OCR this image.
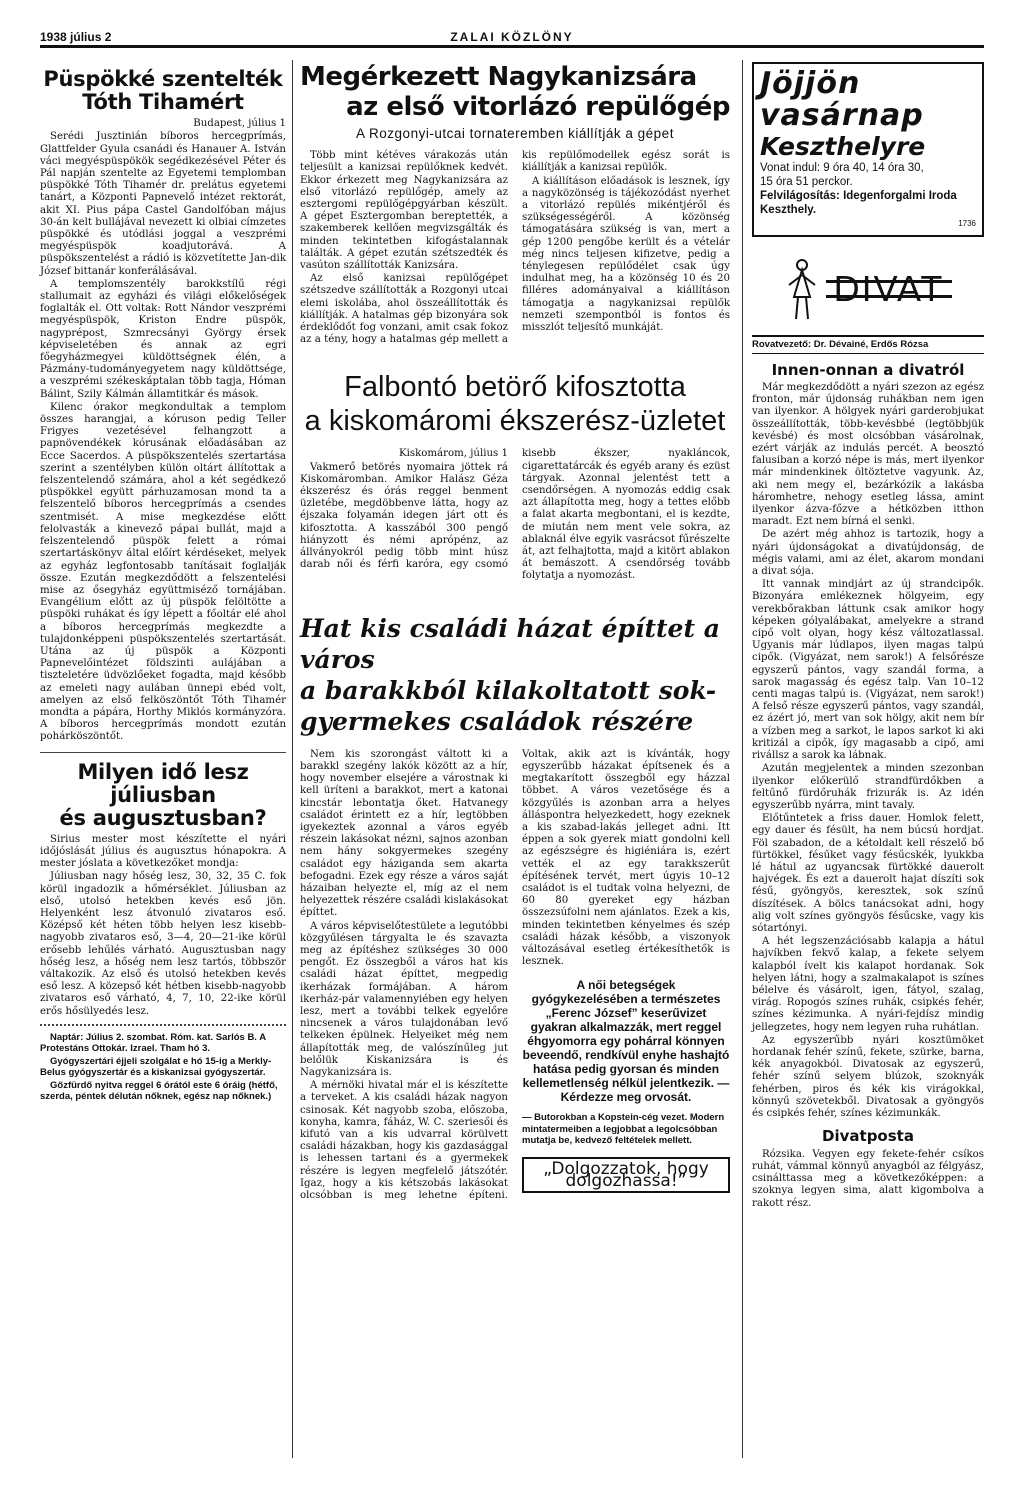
1938 július 2	ZALAI KÖZLÖNY
Püspökké szentelték
Tóth Tihamért
Budapest, július 1

Serédi Jusztinián bíboros hercegprímás, Glattfelder Gyula csanádi és Hanauer A. István váci megyéspüspökök segédkezésével Péter és Pál napján szentelte az Egyetemi templomban püspökké Tóth Tihamér dr. prelátus egyetemi tanárt, a Központi Papnevelő intézet rektorát, akit XI. Pius pápa Castel Gandolfóban május 30-án kelt bullájával nevezett ki olbiai címzetes püspökké és utódlási joggal a veszprémi megyéspüspök koadjutorává. A püspökszentelést a rádió is közvetítette Jan-dik József bittanár konferálásával.

A templomszentély barokkstílű régi stallumait az egyházi és világi előkelőségek foglalták el. Ott voltak: Rott Nándor veszprémi megyéspüspök, Kriston Endre püspök, nagyprépost, Szmrecsányi György érsek képviseletében és annak az egri főegyházmegyei küldöttségnek élén, a Pázmány-tudományegyetem nagy küldöttsége, a veszprémi székeskáptalan több tagja, Hóman Bálint, Szily Kálmán államtitkár és mások.

Kilenc órakor megkondultak a templom összes harangjai, a kóruson pedig Teller Frigyes vezetésével felhangzott a papnövendékek kórusának előadásában az Ecce Sacerdos. A püspökszentelés szertartása szerint a szentélyben külön oltárt állítottak a felszentelendő számára, ahol a két segédkező püspökkel együtt párhuzamosan mond ta a felszentelő bíboros hercegprímás a csendes szentmisét. A mise megkezdése előtt felolvasták a kinevező pápai bullát, majd a felszentelendő püspök felett a római szertartáskönyv által előírt kérdéseket, melyek az egyház legfontosabb tanításait foglalják össze. Ezután megkezdődött a felszentelési mise az ősegyház együttmiséző tornájában. Evangélium előtt az új püspök felöltötte a püspöki ruhákat és így lépett a főoltár elé ahol a bíboros hercegprímás megkezdte a tulajdonképpeni püspökszentelés szertartását. Utána az új püspök a Központi Papnevelőintézet földszinti aulájában a tiszteletére üdvözlőeket fogadta, majd később az emeleti nagy aulában ünnepi ebéd volt, amelyen az első felköszöntőt Tóth Tihamér mondta a pápára, Horthy Miklós kormányzóra. A bíboros hercegprímás mondott ezután pohárköszöntőt.

Milyen idő lesz júliusban
és augusztusban?

Sirius mester most készítette el nyári időjóslását július és augusztus hónapokra. A mester jóslata a következőket mondja:

Júliusban nagy hőség lesz, 30, 32, 35 C. fok körül ingadozik a hőmérséklet. Júliusban az első, utolsó hetekben kevés eső jön. Helyenként lesz átvonuló zivataros eső. Középső két héten több helyen lesz kisebb-nagyobb zivataros eső, 3—4, 20—21-ike körül erősebb lehűlés várható. Augusztusban nagy hőség lesz, a hőség nem lesz tartós, többször váltakozik. Az első és utolsó hetekben kevés eső lesz. A közepső két hétben kisebb-nagyobb zivataros eső várható, 4, 7, 10, 22-ike körül erős hősülyedés lesz.

Naptár: Július 2. szombat. Róm. kat. Sarlós B. A Protestáns Ottokár. Izrael. Tham hó 3.

Gyógyszertári éjjeli szolgálat e hó 15-ig a Merkly-Belus gyógyszertár és a kiskanizsai gyógyszertár.

Gőzfürdő nyitva reggel 6 órától este 6 óráig (hétfő, szerda, péntek délután nőknek, egész nap nőknek.)

Megérkezett Nagykanizsára
az első vitorlázó repülőgép
A Rozgonyi-utcai tornateremben kiállítják a gépet

Több mint kétéves várakozás után teljesült a kanizsai repülőknek kedvét. Ekkor érkezett meg Nagykanizsára az első vitorlázó repülőgép, amely az esztergomi repülőgépgyárban készült. A gépet Esztergomban bereptették, a szakemberek kellően megvizsgálták és minden tekintetben kifogástalannak találták. A gépet ezután szétszedték és vasúton szállították Kanizsára.

Az első kanizsai repülőgépet szétszedve szállították a Rozgonyi utcai elemi iskolába, ahol összeállították és kiállítják. A hatalmas gép bizonyára sok érdeklődőt fog vonzani, amit csak fokoz az a tény, hogy a hatalmas gép mellett a kis repülőmodellek egész sorát is kiállítják a kanizsai repülők.

A kiállításon előadások is lesznek, így a nagyközönség is tájékozódást nyerhet a vitorlázó repülés mikéntjéről és szükségességéről. A közönség támogatására szükség is van, mert a gép 1200 pengőbe került és a vételár még nincs teljesen kifizetve, pedig a ténylegesen repülődélet csak úgy indulhat meg, ha a közönség 10 és 20 filléres adományaival a kiállításon támogatja a nagykanizsai repülők nemzeti szempontból is fontos és misszlót teljesítő munkáját.

Falbontó betörő kifosztotta
a kiskomáromi ékszerész-üzletet
Kiskomárom, július 1

Vakmerő betörés nyomaira jöttek rá Kiskomáromban. Amikor Halász Géza ékszerész és órás reggel benment üzletébe, megdöbbenve látta, hogy az éjszaka folyamán idegen járt ott és kifosztotta. A kasszából 300 pengő hiányzott és némi aprópénz, az állványokról pedig több mint húsz darab női és férfi karóra, egy csomó kisebb ékszer, nyakláncok, cigarettatárcák és egyéb arany és ezüst tárgyak. Azonnal jelentést tett a csendőrségen. A nyomozás eddig csak azt állapította meg, hogy a tettes előbb a falat akarta megbontani, el is kezdte, de miután nem ment vele sokra, az ablaknál élve egyik vasrácsot fűrészelte át, azt felhajtotta, majd a kitört ablakon át bemászott. A csendőrség tovább folytatja a nyomozást.

Hat kis családi házat építtet a város
a barakkból kilakoltatott sok-
gyermekes családok részére

Nem kis szorongást váltott ki a barakkl szegény lakók között az a hír, hogy november elsejére a várostnak ki kell üríteni a barakkot, mert a katonai kincstár lebontatja őket. Hatvanegy családot érintett ez a hír, legtöbben igyekeztek azonnal a város egyéb részein lakásokat nézni, sajnos azonban nem hány sokgyermekes szegény családot egy háziganda sem akarta befogadni. Ezek egy része a város saját házaiban helyezte el, míg az el nem helyezettek részére családi kislakásokat építtet.

A város képviselőtestülete a legutóbbi közgyűlésen tárgyalta le és szavazta meg az építéshez szükséges 30 000 pengőt. Ez összegből a város hat kis családi házat építtet, megpedig ikerházak formájában. A három ikerház-pár valamennyiében egy helyen lesz, mert a további telkek egyelőre nincsenek a város tulajdonában levő telkeken épülnek. Helyeiket még nem állapították meg, de valószínűleg jut belőlük Kiskanizsára is és Nagykanizsára is.

A mérnöki hivatal már el is készítette a terveket. A kis családi házak nagyon csinosak. Két nagyobb szoba, előszoba, konyha, kamra, fáház, W. C. szeriesői és kifutó van a kis udvarral körülvett családi házakban, hogy kis gazdasággal is lehessen tartani és a gyermekek részére is legyen megfelelő játszótér. Igaz, hogy a kis kétszobás lakásokat olcsóbban is meg lehetne építeni. Voltak, akik azt is kívánták, hogy egyszerűbb házakat építsenek és a megtakarított összegből egy házzal többet. A város vezetősége és a közgyűlés is azonban arra a helyes álláspontra helyezkedett, hogy ezeknek a kis szabad-lakás jelleget adni. Itt éppen a sok gyerek miatt gondolni kell az egészségre és higiéniára is, ezért vették el az egy tarakkszerűt építésének tervét, mert úgyis 10–12 családot is el tudtak volna helyezni, de 60 80 gyereket egy házban összezsúfolni nem ajánlatos. Ezek a kis, minden tekintetben kényelmes és szép családi házak később, a viszonyok változásával esetleg értékesíthetők is lesznek.

A női betegségek gyógykezelésében a természetes „Ferenc József” keserűvizet gyakran alkalmazzák, mert reggel éhgyomorra egy pohárral könnyen beveendő, rendkívül enyhe hashajtó hatása pedig gyorsan és minden kellemetlenség nélkül jelentkezik. — Kérdezze meg orvosát.
— Butorokban a Kopstein-cég vezet. Modern mintatermeiben a legjobbat a legolcsóbban mutatja be, kedvező feltételek mellett.
„Dolgozzatok, hogy dolgozhassa!”
Jöjjön
vasárnap
Keszthelyre
Vonat indul: 9 óra 40, 14 óra 30,
15 óra 51 perckor.
Felvilágosítás: Idegenforgalmi Iroda Keszthely.
1736
DIVAT
Rovatvezető: Dr. Dévainé, Erdős Rózsa
Innen-onnan a divatról

Már megkezdődött a nyári szezon az egész fronton, már újdonság ruhákban nem igen van ilyenkor. A hölgyek nyári garderobjukat összeállították, több-kevésbbé (legtöbbjük kevésbé) és most olcsóbban vásárolnak, ezért várják az indulás percét. A beosztó falusiban a korzó népe is más, mert ilyenkor már mindenkinek öltöztetve vagyunk. Az, aki nem megy el, bezárkózik a lakásba háromhetre, nehogy esetleg lássa, amint ilyenkor ázva-főzve a hétközben itthon maradt. Ezt nem bírná el senki.

De azért még ahhoz is tartozik, hogy a nyári újdonságokat a divatújdonság, de mégis valami, ami az élet, akarom mondani a divat sója.

Itt vannak mindjárt az új strandcipők. Bizonyára emlékeznek hölgyeim, egy verekbőrakban láttunk csak amikor hogy képeken gólyalábakat, amelyekre a strand cipő volt olyan, hogy kész változatlassal. Ugyanis már lúdlapos, ilyen magas talpú cipők. (Vigyázat, nem sarok!) A felsőrésze egyszerű pántos, vagy szandál forma, a sarok magasság és egész talp. Van 10–12 centi magas talpú is. (Vigyázat, nem sarok!) A felső része egyszerű pántos, vagy szandál, ez ázért jó, mert van sok hölgy, akit nem bír a vízben meg a sarkot, le lapos sarkot ki aki kritizál a cipők, így magasabb a cipő, ami rivállsz a sarok ka lábnak.

Azután megjelentek a minden szezonban ilyenkor előkerülő strandfürdőkben a feltűnő fürdőruhák frizurák is. Az idén egyszerűbb nyárra, mint tavaly.

Előtűntetek a friss dauer. Homlok felett, egy dauer és fésült, ha nem búcsú hordjat. Föl szabadon, de a kétoldalt kell részelő bő fürtökkel, fésűket vagy fésűcskék, lyukkba lé hátul az ugyancsak fürtökké dauerolt hajvégek. És ezt a dauerolt hajat díszíti sok fésű, gyöngyös, keresztek, sok színű díszítések. A bölcs tanácsokat adni, hogy alig volt színes gyöngyös fésűcske, vagy kis sótartónyi.

A hét legszenzációsabb kalapja a hátul hajvíkben fekvő kalap, a fekete selyem kalapból ívelt kis kalapot hordanak. Sok helyen látni, hogy a szalmakalapot is színes bélelve és vásárolt, igen, fátyol, szalag, virág. Ropogós színes ruhák, csipkés fehér, színes kézimunka. A nyári-fejdísz mindig jellegzetes, hogy nem legyen ruha ruhátlan.

Az egyszerűbb nyári kosztümöket hordanak fehér színű, fekete, szürke, barna, kék anyagokból. Divatosak az egyszerű, fehér színű selyem blúzok, szoknyák fehérben, piros és kék kis virágokkal, könnyű szövetekből. Divatosak a gyöngyös és csipkés fehér, színes kézimunkák.

Divatposta

Rózsika. Vegyen egy fekete-fehér csíkos ruhát, vámmal könnyű anyagból az félgyász, csinálttassa meg a következőképpen: a szoknya legyen sima, alatt kigombolva a rakott rész.
